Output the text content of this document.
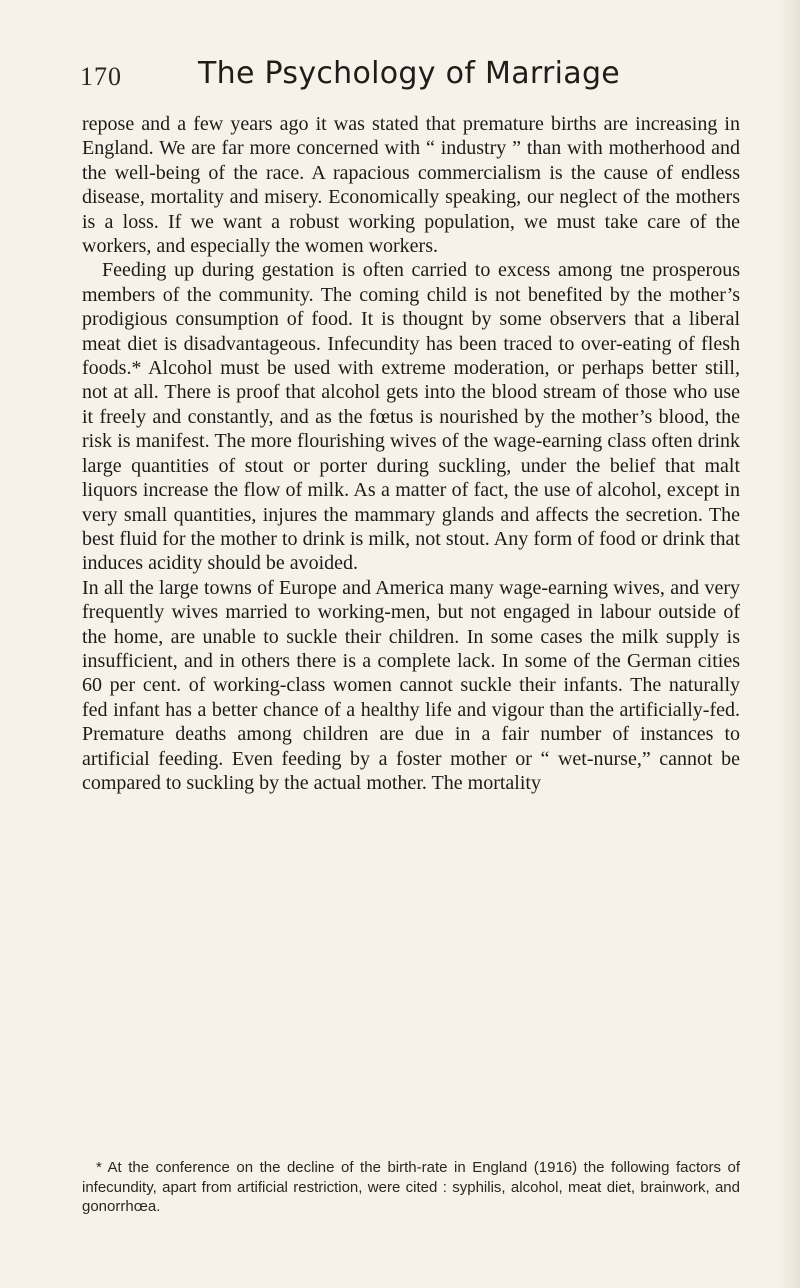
170	The Psychology of Marriage

repose and a few years ago it was stated that premature births are increasing in England. We are far more concerned with “ industry ” than with motherhood and the well-being of the race. A rapacious commercialism is the cause of endless disease, mortality and misery. Economically speaking, our neglect of the mothers is a loss. If we want a robust working population, we must take care of the workers, and especially the women workers.

Feeding up during gestation is often carried to excess among tne prosperous members of the community. The coming child is not benefited by the mother’s prodigious consumption of food. It is thougnt by some observers that a liberal meat diet is disadvantageous. Infecundity has been traced to over-eating of flesh foods.* Alcohol must be used with extreme moderation, or perhaps better still, not at all. There is proof that alcohol gets into the blood stream of those who use it freely and constantly, and as the fœtus is nourished by the mother’s blood, the risk is manifest. The more flourishing wives of the wage-earning class often drink large quantities of stout or porter during suckling, under the belief that malt liquors increase the flow of milk. As a matter of fact, the use of alcohol, except in very small quantities, injures the mammary glands and affects the secretion. The best fluid for the mother to drink is milk, not stout. Any form of food or drink that induces acidity should be avoided.

In all the large towns of Europe and America many wage-earning wives, and very frequently wives married to working-men, but not engaged in labour outside of the home, are unable to suckle their children. In some cases the milk supply is insufficient, and in others there is a complete lack. In some of the German cities 60 per cent. of working-class women cannot suckle their infants. The naturally fed infant has a better chance of a healthy life and vigour than the artificially-fed. Premature deaths among children are due in a fair number of instances to artificial feeding. Even feeding by a foster mother or “ wet-nurse,” cannot be compared to suckling by the actual mother. The mortality

* At the conference on the decline of the birth-rate in England (1916) the following factors of infecundity, apart from artificial restriction, were cited : syphilis, alcohol, meat diet, brainwork, and gonorrhœa.
